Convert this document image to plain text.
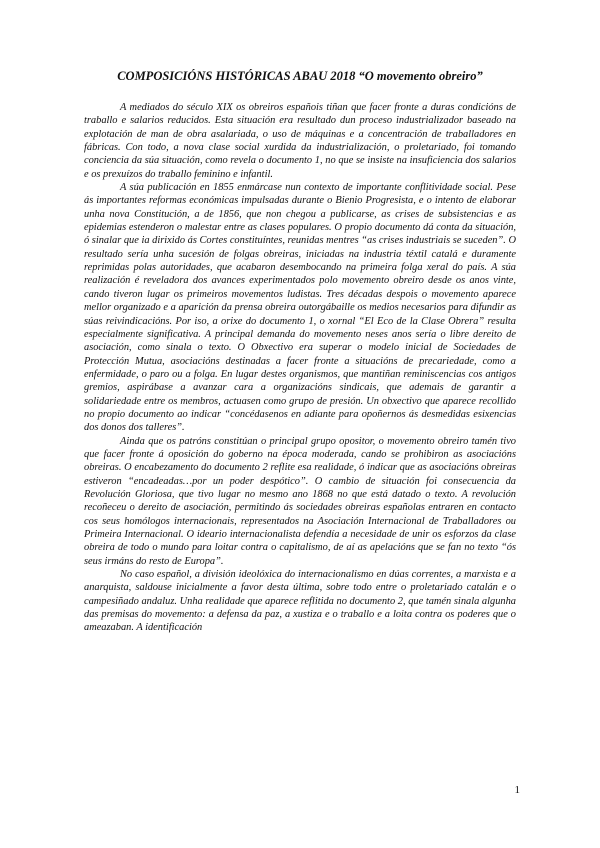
COMPOSICIÓNS HISTÓRICAS ABAU 2018 “O movemento obreiro”

A mediados do século XIX os obreiros españois tiñan que facer fronte a duras condicións de traballo e salarios reducidos. Esta situación era resultado dun proceso industrializador baseado na explotación de man de obra asalariada, o uso de máquinas e a concentración de traballadores en fábricas. Con todo, a nova clase social xurdida da industrialización, o proletariado, foi tomando conciencia da súa situación, como revela o documento 1, no que se insiste na insuficiencia dos salarios e os prexuízos do traballo feminino e infantil.

A súa publicación en 1855 enmárcase nun contexto de importante conflitividade social. Pese ás importantes reformas económicas impulsadas durante o Bienio Progresista, e o intento de elaborar unha nova Constitución, a de 1856, que non chegou a publicarse, as crises de subsistencias e as epidemias estenderon o malestar entre as clases populares. O propio documento dá conta da situación, ó sinalar que ia dirixido ás Cortes constituíntes, reunidas mentres “as crises industriais se suceden”. O resultado sería unha sucesión de folgas obreiras, iniciadas na industria téxtil catalá e duramente reprimidas polas autoridades, que acabaron desembocando na primeira folga xeral do país. A súa realización é reveladora dos avances experimentados polo movemento obreiro desde os anos vinte, cando tiveron lugar os primeiros movementos ludistas. Tres décadas despois o movemento aparece mellor organizado e a aparición da prensa obreira outorgábaille os medios necesarios para difundir as súas reivindicacións. Por iso, a orixe do documento 1, o xornal “El Eco de la Clase Obrera” resulta especialmente significativa. A principal demanda do movemento neses anos sería o libre dereito de asociación, como sinala o texto. O Obxectivo era superar o modelo inicial de Sociedades de Protección Mutua, asociacións destinadas a facer fronte a situacións de precariedade, como a enfermidade, o paro ou a folga. En lugar destes organismos, que mantiñan reminiscencias cos antigos gremios, aspirábase a avanzar cara a organizacións sindicais, que ademais de garantir a solidariedade entre os membros, actuasen como grupo de presión. Un obxectivo que aparece recollido no propio documento ao indicar “concédasenos en adiante para opoñernos ás desmedidas esixencias dos donos dos talleres”.

Ainda que os patróns constitúan o principal grupo opositor, o movemento obreiro tamén tivo que facer fronte á oposición do goberno na época moderada, cando se prohibiron as asociacións obreiras. O encabezamento do documento 2 reflite esa realidade, ó indicar que as asociacións obreiras estiveron “encadeadas…por un poder despótico”. O cambio de situación foi consecuencia da Revolución Gloriosa, que tivo lugar no mesmo ano 1868 no que está datado o texto. A revolución recoñeceu o dereito de asociación, permitindo ás sociedades obreiras españolas entraren en contacto cos seus homólogos internacionais, representados na Asociación Internacional de Traballadores ou Primeira Internacional. O ideario internacionalista defendía a necesidade de unir os esforzos da clase obreira de todo o mundo para loitar contra o capitalismo, de aí as apelacións que se fan no texto “ós seus irmáns do resto de Europa”.

No caso español, a división ideolóxica do internacionalismo en dúas correntes, a marxista e a anarquista, saldouse inicialmente a favor desta última, sobre todo entre o proletariado catalán e o campesiñado andaluz. Unha realidade que aparece reflitida no documento 2, que tamén sinala algunha das premisas do movemento: a defensa da paz, a xustiza e o traballo e a loita contra os poderes que o ameazaban. A identificación

1
